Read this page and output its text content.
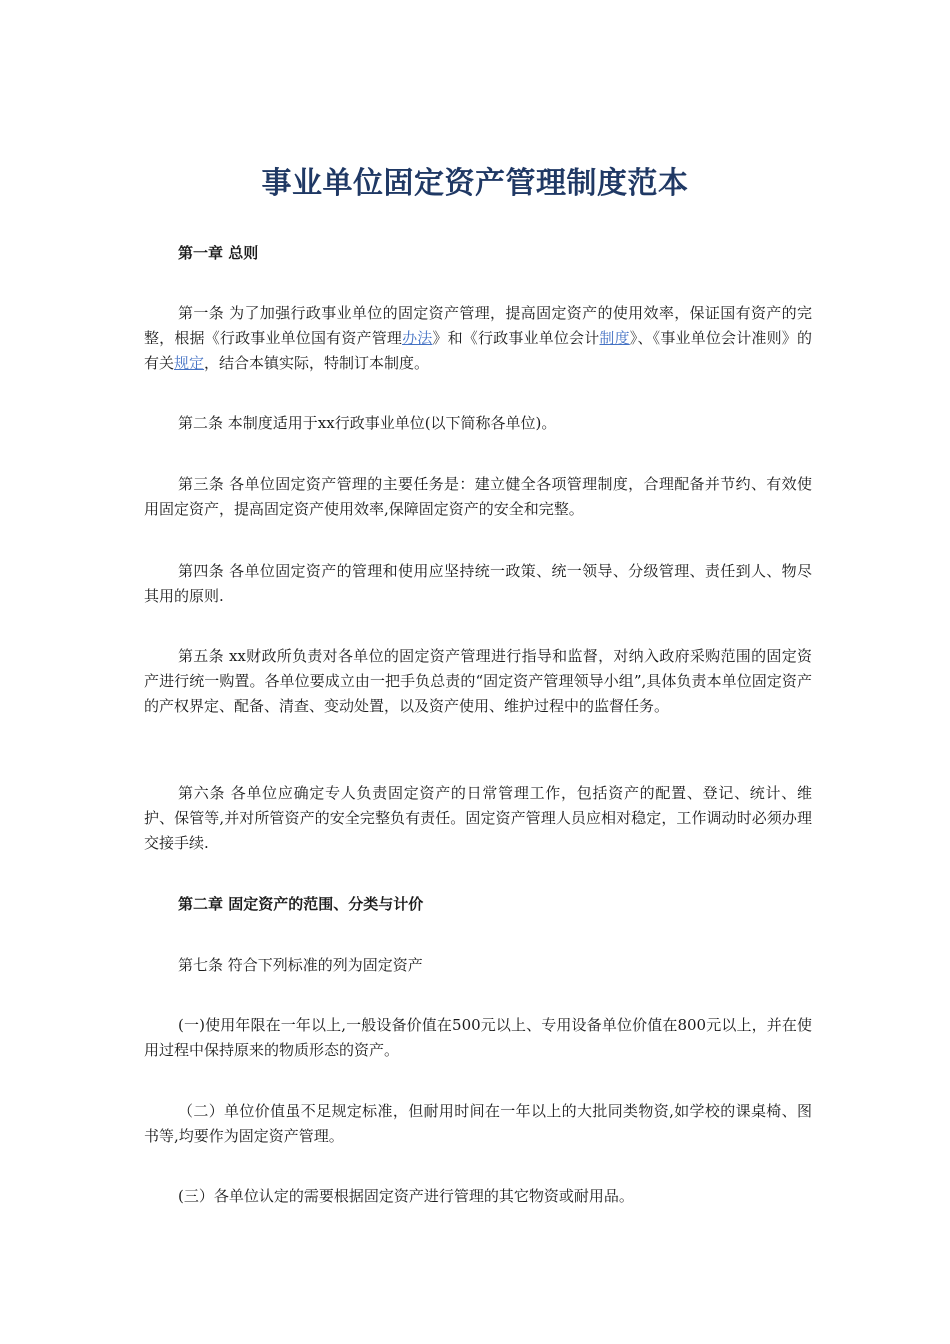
事业单位固定资产管理制度范本
第一章 总则
第一条 为了加强行政事业单位的固定资产管理，提高固定资产的使用效率，保证国有资产的完整，根据《行政事业单位国有资产管理办法》和《行政事业单位会计制度》、《事业单位会计准则》的有关规定，结合本镇实际，特制订本制度。
第二条 本制度适用于xx行政事业单位(以下简称各单位)。
第三条 各单位固定资产管理的主要任务是：建立健全各项管理制度，合理配备并节约、有效使用固定资产，提高固定资产使用效率,保障固定资产的安全和完整。
第四条 各单位固定资产的管理和使用应坚持统一政策、统一领导、分级管理、责任到人、物尽其用的原则.
第五条 xx财政所负责对各单位的固定资产管理进行指导和监督，对纳入政府采购范围的固定资产进行统一购置。各单位要成立由一把手负总责的“固定资产管理领导小组”,具体负责本单位固定资产的产权界定、配备、清查、变动处置，以及资产使用、维护过程中的监督任务。
第六条 各单位应确定专人负责固定资产的日常管理工作，包括资产的配置、登记、统计、维护、保管等,并对所管资产的安全完整负有责任。固定资产管理人员应相对稳定，工作调动时必须办理交接手续.
第二章 固定资产的范围、分类与计价
第七条 符合下列标准的列为固定资产
(一)使用年限在一年以上,一般设备价值在500元以上、专用设备单位价值在800元以上，并在使用过程中保持原来的物质形态的资产。
（二）单位价值虽不足规定标准，但耐用时间在一年以上的大批同类物资,如学校的课桌椅、图书等,均要作为固定资产管理。
(三）各单位认定的需要根据固定资产进行管理的其它物资或耐用品。
